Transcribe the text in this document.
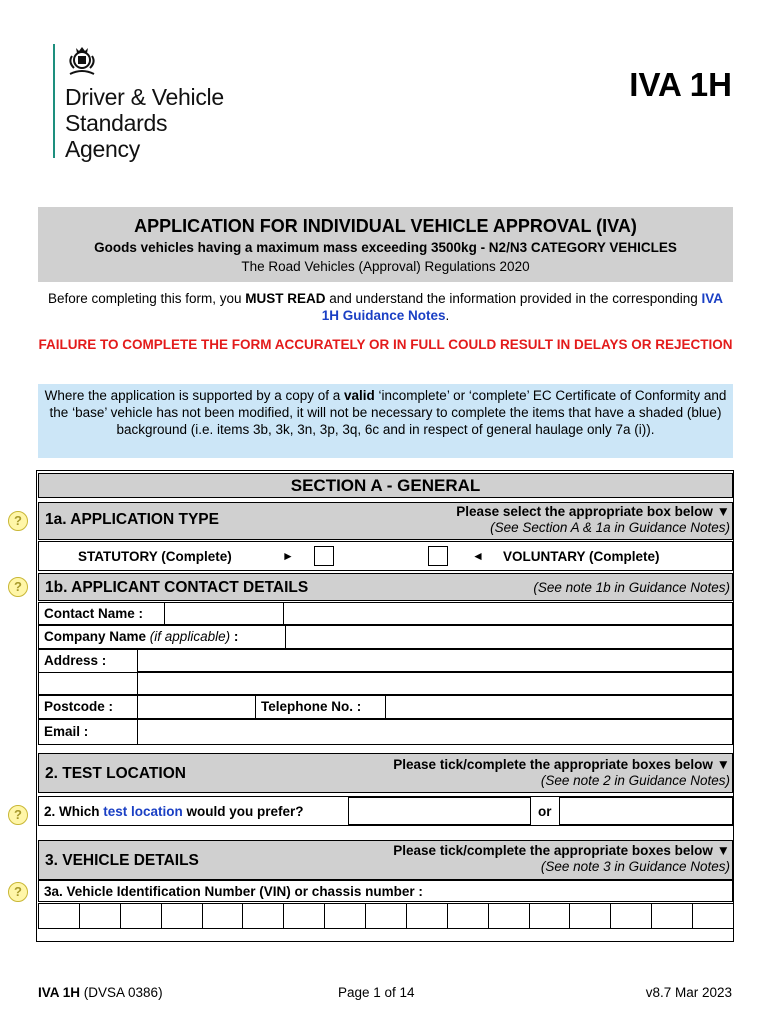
Driver & Vehicle
Standards
Agency
IVA 1H
APPLICATION FOR INDIVIDUAL VEHICLE APPROVAL (IVA)
Goods vehicles having a maximum mass exceeding 3500kg - N2/N3 CATEGORY VEHICLES
The Road Vehicles (Approval) Regulations 2020
Before completing this form, you MUST READ and understand the information provided in the corresponding IVA 1H Guidance Notes.
FAILURE TO COMPLETE THE FORM ACCURATELY OR IN FULL COULD RESULT IN DELAYS OR REJECTION
Where the application is supported by a copy of a valid ‘incomplete’ or ‘complete’ EC Certificate of Conformity and the ‘base’ vehicle has not been modified, it will not be necessary to complete the items that have a shaded (blue) background (i.e. items 3b, 3k, 3n, 3p, 3q, 6c and in respect of general haulage only 7a (i)).
SECTION A - GENERAL
?	1a. APPLICATION TYPE	Please select the appropriate box below ▼
(See Section A & 1a in Guidance Notes)
STATUTORY (Complete)	►	◄ VOLUNTARY (Complete)
?	1b. APPLICANT CONTACT DETAILS	(See note 1b in Guidance Notes)
Contact Name :
Company Name (if applicable) :
Address :
Postcode :	Telephone No. :
Email :
2. TEST LOCATION
Please tick/complete the appropriate boxes below ▼
(See note 2 in Guidance Notes)
?	2. Which test location would you prefer?	or
3. VEHICLE DETAILS
Please tick/complete the appropriate boxes below ▼
(See note 3 in Guidance Notes)
?	3a. Vehicle Identification Number (VIN) or chassis number :
IVA 1H (DVSA 0386)	Page 1 of 14	v8.7 Mar 2023
